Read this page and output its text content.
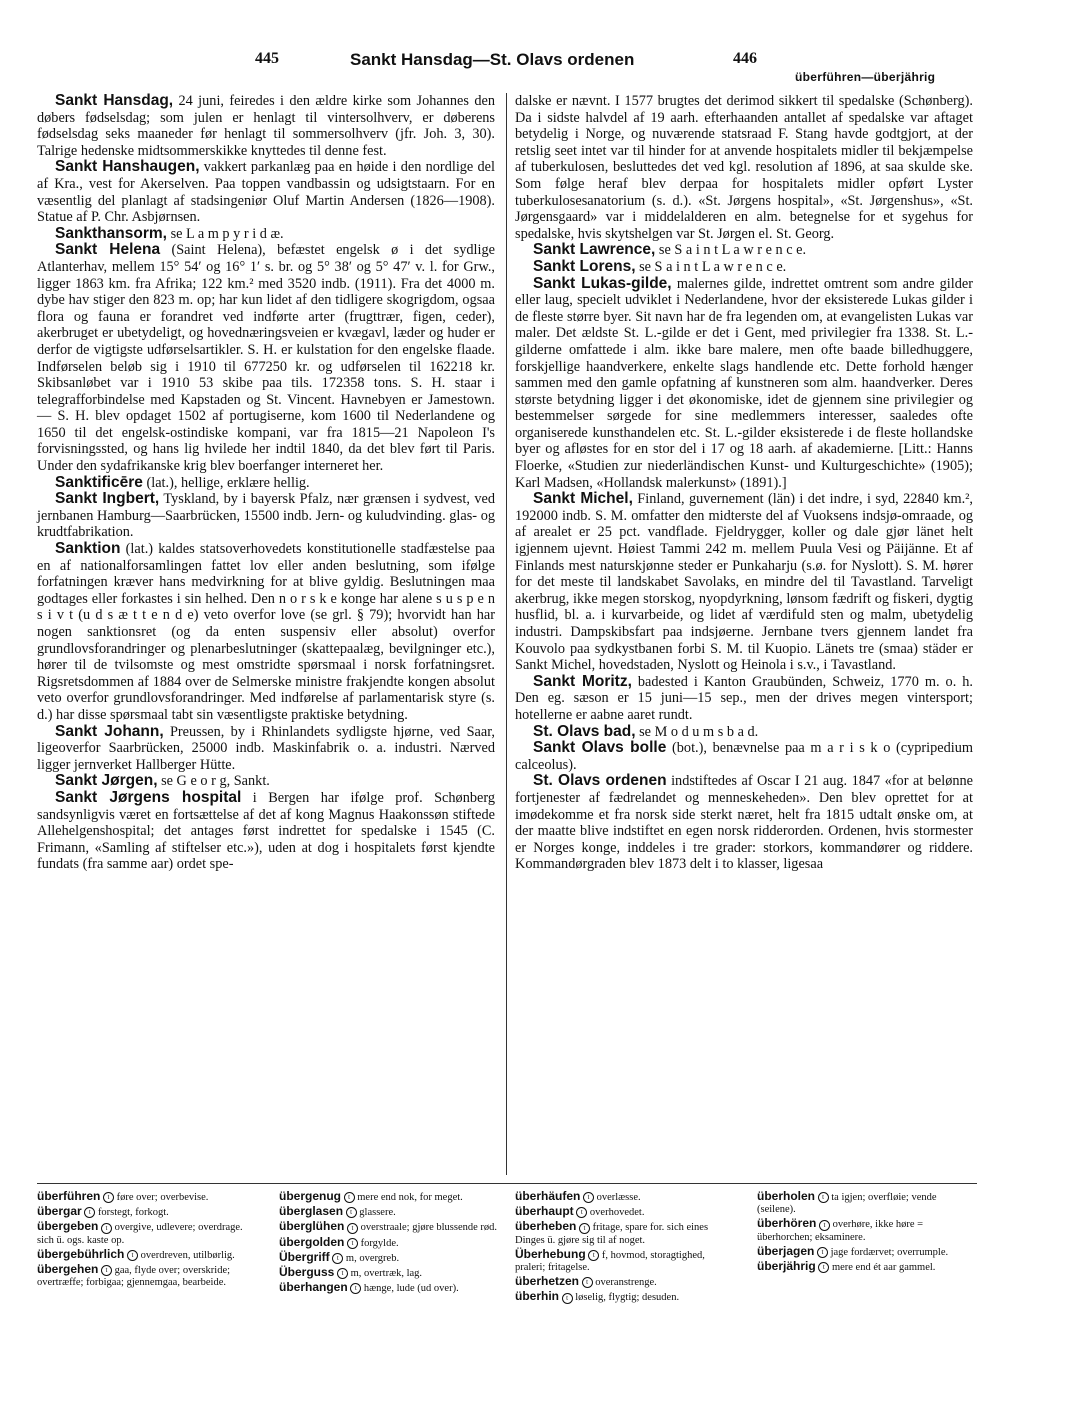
445	Sankt Hansdag—St. Olavs ordenen	446
überführen—überjährig

Sankt Hansdag, 24 juni, feiredes i den ældre kirke som Johannes den døbers fødselsdag; som julen er henlagt til vintersolhverv, er døberens fødselsdag seks maaneder før henlagt til sommersolhverv (jfr. Joh. 3, 30). Talrige hedenske midtsommerskikke knyttedes til denne fest.

Sankt Hanshaugen, vakkert parkanlæg paa en høide i den nordlige del af Kra., vest for Akerselven. Paa toppen vandbassin og udsigtstaarn. For en væsentlig del planlagt af stadsingeniør Oluf Martin Andersen (1826—1908). Statue af P. Chr. Asbjørnsen.

Sankthansorm, se L a m p y r i d æ.

Sankt Helena (Saint Helena), befæstet engelsk ø i det sydlige Atlanterhav, mellem 15° 54′ og 16° 1′ s. br. og 5° 38′ og 5° 47′ v. l. for Grw., ligger 1863 km. fra Afrika; 122 km.² med 3520 indb. (1911). Fra det 4000 m. dybe hav stiger den 823 m. op; har kun lidet af den tidligere skogrigdom, ogsaa flora og fauna er forandret ved indførte arter (frugttrær, figen, ceder), akerbruget er ubetydeligt, og hovednæringsveien er kvægavl, læder og huder er derfor de vigtigste udførselsartikler. S. H. er kulstation for den engelske flaade. Indførselen beløb sig i 1910 til 677250 kr. og udførselen til 162218 kr. Skibsanløbet var i 1910 53 skibe paa tils. 172358 tons. S. H. staar i telegrafforbindelse med Kapstaden og St. Vincent. Havnebyen er Jamestown. — S. H. blev opdaget 1502 af portugiserne, kom 1600 til Nederlandene og 1650 til det engelsk-ostindiske kompani, var fra 1815—21 Napoleon I's forvisningssted, og hans lig hvilede her indtil 1840, da det blev ført til Paris. Under den sydafrikanske krig blev boerfanger interneret her.

Sanktificēre (lat.), hellige, erklære hellig.

Sankt Ingbert, Tyskland, by i bayersk Pfalz, nær grænsen i sydvest, ved jernbanen Hamburg—Saarbrücken, 15500 indb. Jern- og kuludvinding. glas- og krudtfabrikation.

Sanktion (lat.) kaldes statsoverhovedets konstitutionelle stadfæstelse paa en af nationalforsamlingen fattet lov eller anden beslutning, som ifølge forfatningen kræver hans medvirkning for at blive gyldig. Beslutningen maa godtages eller forkastes i sin helhed. Den n o r s k e konge har alene s u s p e n s i v t (u d s æ t t e n d e) veto overfor love (se grl. § 79); hvorvidt han har nogen sanktionsret (og da enten suspensiv eller absolut) overfor grundlovsforandringer og plenarbeslutninger (skattepaalæg, bevilgninger etc.), hører til de tvilsomste og mest omstridte spørsmaal i norsk forfatningsret. Rigsretsdommen af 1884 over de Selmerske ministre frakjendte kongen absolut veto overfor grundlovsforandringer. Med indførelse af parlamentarisk styre (s. d.) har disse spørsmaal tabt sin væsentligste praktiske betydning.

Sankt Johann, Preussen, by i Rhinlandets sydligste hjørne, ved Saar, ligeoverfor Saarbrücken, 25000 indb. Maskinfabrik o. a. industri. Nærved ligger jernverket Hallberger Hütte.

Sankt Jørgen, se G e o r g, Sankt.

Sankt Jørgens hospital i Bergen har ifølge prof. Schønberg sandsynligvis været en fortsættelse af det af kong Magnus Haakonssøn stiftede Allehelgenshospital; det antages først indrettet for spedalske i 1545 (C. Frimann, «Samling af stiftelser etc.»), uden at dog i hospitalets først kjendte fundats (fra samme aar) ordet spe-

dalske er nævnt. I 1577 brugtes det derimod sikkert til spedalske (Schønberg). Da i sidste halvdel af 19 aarh. efterhaanden antallet af spedalske var aftaget betydelig i Norge, og nuværende statsraad F. Stang havde godtgjort, at der retslig seet intet var til hinder for at anvende hospitalets midler til bekjæmpelse af tuberkulosen, besluttedes det ved kgl. resolution af 1896, at saa skulde ske. Som følge heraf blev derpaa for hospitalets midler opført Lyster tuberkulosesanatorium (s. d.). «St. Jørgens hospital», «St. Jørgenshus», «St. Jørgensgaard» var i middelalderen en alm. betegnelse for et sygehus for spedalske, hvis skytshelgen var St. Jørgen el. St. Georg.

Sankt Lawrence, se S a i n t L a w r e n c e.

Sankt Lorens, se S a i n t L a w r e n c e.

Sankt Lukas-gilde, malernes gilde, indrettet omtrent som andre gilder eller laug, specielt udviklet i Nederlandene, hvor der eksisterede Lukas gilder i de fleste større byer. Sit navn har de fra legenden om, at evangelisten Lukas var maler. Det ældste St. L.-gilde er det i Gent, med privilegier fra 1338. St. L.-gilderne omfattede i alm. ikke bare malere, men ofte baade billedhuggere, forskjellige haandverkere, enkelte slags handlende etc. Dette forhold hænger sammen med den gamle opfatning af kunstneren som alm. haandverker. Deres største betydning ligger i det økonomiske, idet de gjennem sine privilegier og bestemmelser sørgede for sine medlemmers interesser, saaledes ofte organiserede kunsthandelen etc. St. L.-gilder eksisterede i de fleste hollandske byer og afløstes for en stor del i 17 og 18 aarh. af akademierne. [Litt.: Hanns Floerke, «Studien zur niederländischen Kunst- und Kulturgeschichte» (1905); Karl Madsen, «Hollandsk malerkunst» (1891).]

Sankt Michel, Finland, guvernement (län) i det indre, i syd, 22840 km.², 192000 indb. S. M. omfatter den midterste del af Vuoksens indsjø-omraade, og af arealet er 25 pct. vandflade. Fjeldrygger, koller og dale gjør länet helt igjennem ujevnt. Høiest Tammi 242 m. mellem Puula Vesi og Päijänne. Et af Finlands mest naturskjønne steder er Punkaharju (s.ø. for Nyslott). S. M. hører for det meste til landskabet Savolaks, en mindre del til Tavastland. Tarveligt akerbrug, ikke megen storskog, nyopdyrkning, lønsom fædrift og fiskeri, dygtig husflid, bl. a. i kurvarbeide, og lidet af værdifuld sten og malm, ubetydelig industri. Dampskibsfart paa indsjøerne. Jernbane tvers gjennem landet fra Kouvolo paa sydkystbanen forbi S. M. til Kuopio. Länets tre (smaa) städer er Sankt Michel, hovedstaden, Nyslott og Heinola i s.v., i Tavastland.

Sankt Moritz, badested i Kanton Graubünden, Schweiz, 1770 m. o. h. Den eg. sæson er 15 juni—15 sep., men der drives megen vintersport; hotellerne er aabne aaret rundt.

St. Olavs bad, se M o d u m s b a d.

Sankt Olavs bolle (bot.), benævnelse paa m a r i s k o (cypripedium calceolus).

St. Olavs ordenen indstiftedes af Oscar I 21 aug. 1847 «for at belønne fortjenester af fædrelandet og menneskeheden». Den blev oprettet for at imødekomme et fra norsk side sterkt næret, helt fra 1815 udtalt ønske om, at der maatte blive indstiftet en egen norsk ridderorden. Ordenen, hvis stormester er Norges konge, inddeles i tre grader: storkors, kommandører og riddere. Kommandørgraden blev 1873 delt i to klasser, ligesaa

überführen t føre over; overbevise.

übergar t forstegt, forkogt.

übergeben t overgive, udlevere; overdrage. sich ü. ogs. kaste op.

übergebührlich t overdreven, utilbørlig.

übergehen t gaa, flyde over; overskride; overtræffe; forbigaa; gjennemgaa, bearbeide.

übergenug t mere end nok, for meget.

überglasen t glassere.

überglühen t overstraale; gjøre blussende rød.

übergolden t forgylde.

Übergriff t m, overgreb.

Überguss t m, overtræk, lag.

überhangen t hænge, lude (ud over).

überhäufen t overlæsse.

überhaupt t overhovedet.

überheben t fritage, spare for. sich eines Dinges ü. gjøre sig til af noget.

Überhebung t f, hovmod, storagtighed, praleri; fritagelse.

überhetzen t overanstrenge.

überhin t løselig, flygtig; desuden.

überholen t ta igjen; overfløie; vende (seilene).

überhören t overhøre, ikke høre = überhorchen; eksaminere.

überjagen t jage fordærvet; overrumple.

überjährig t mere end ét aar gammel.
